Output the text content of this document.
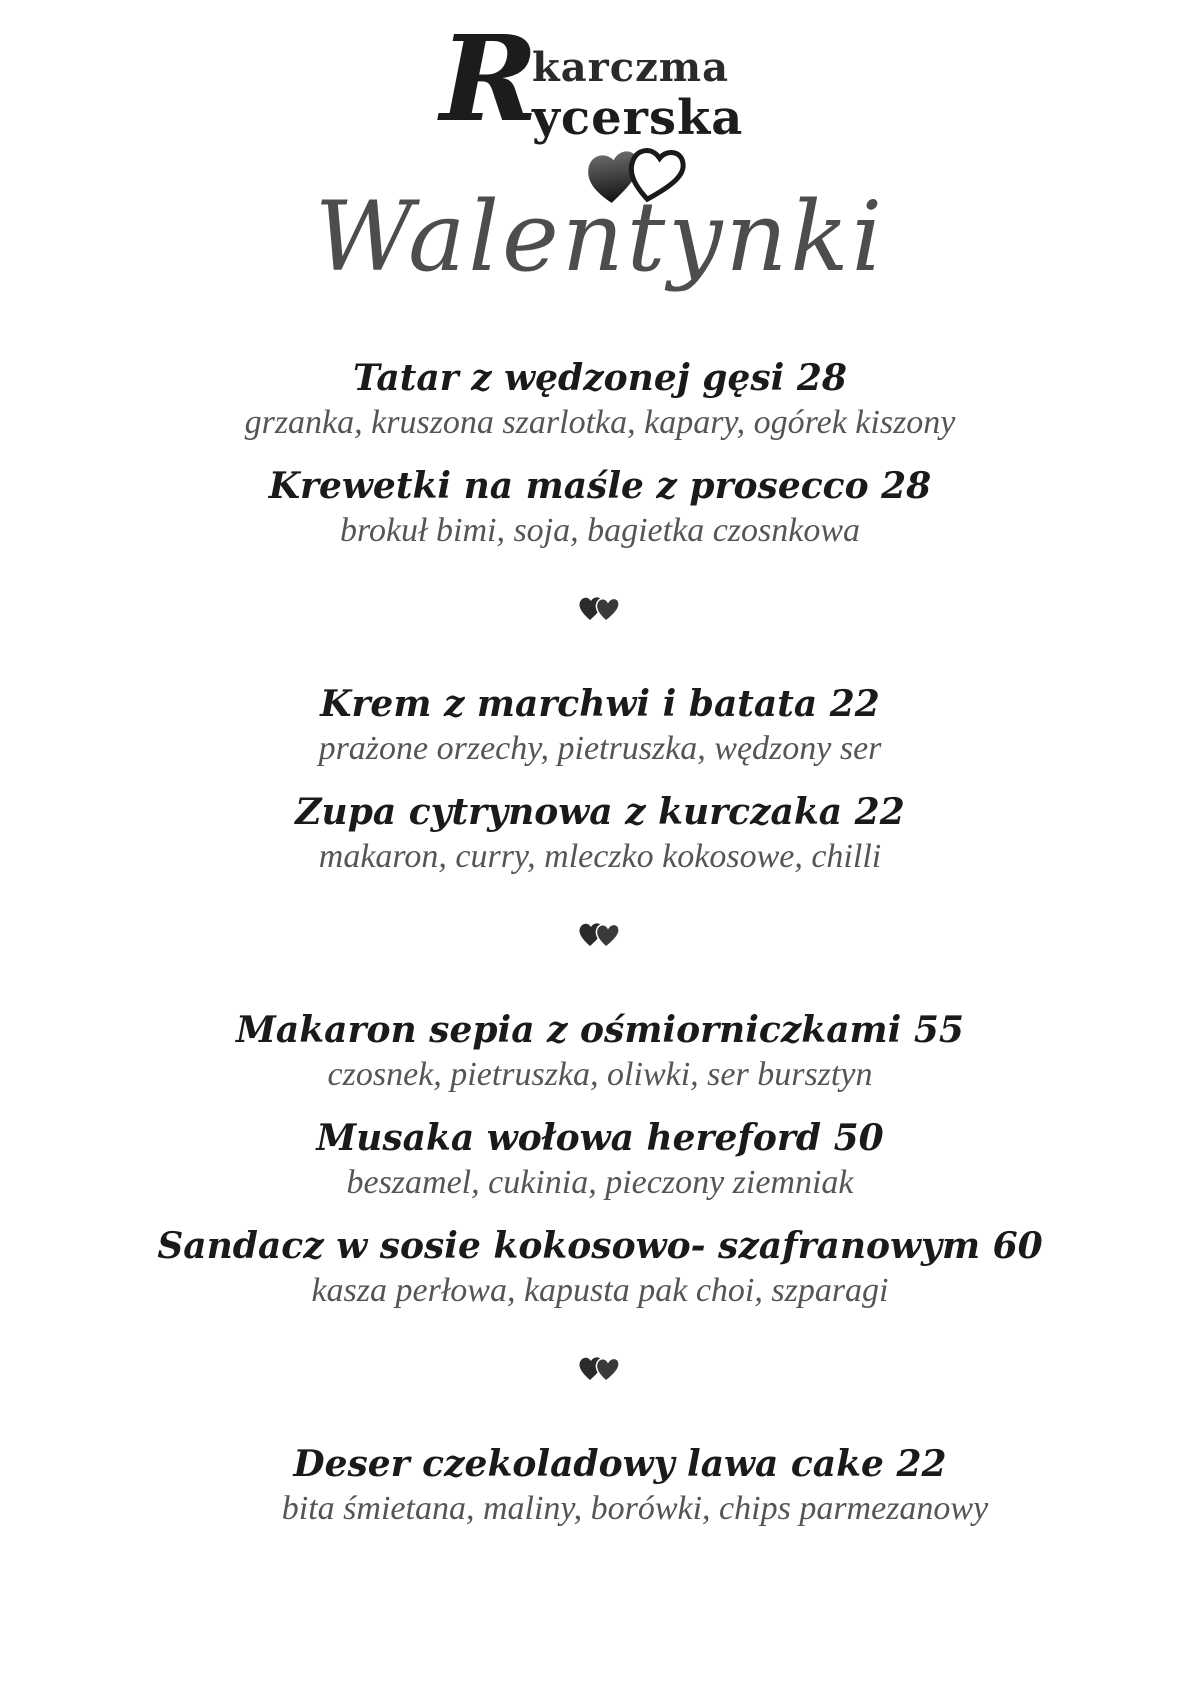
R
karczma
ycerska
Walentynki
Tatar z wędzonej gęsi 28
grzanka, kruszona szarlotka, kapary, ogórek kiszony
Krewetki na maśle z prosecco 28
brokuł bimi, soja, bagietka czosnkowa
Krem z marchwi i batata 22
prażone orzechy, pietruszka, wędzony ser
Zupa cytrynowa z kurczaka 22
makaron, curry, mleczko kokosowe, chilli
Makaron sepia z ośmiorniczkami 55
czosnek, pietruszka, oliwki, ser bursztyn
Musaka wołowa hereford 50
beszamel, cukinia, pieczony ziemniak
Sandacz w sosie kokosowo- szafranowym 60
kasza perłowa, kapusta pak choi, szparagi
Deser czekoladowy lawa cake 22
bita śmietana, maliny, borówki, chips parmezanowy
